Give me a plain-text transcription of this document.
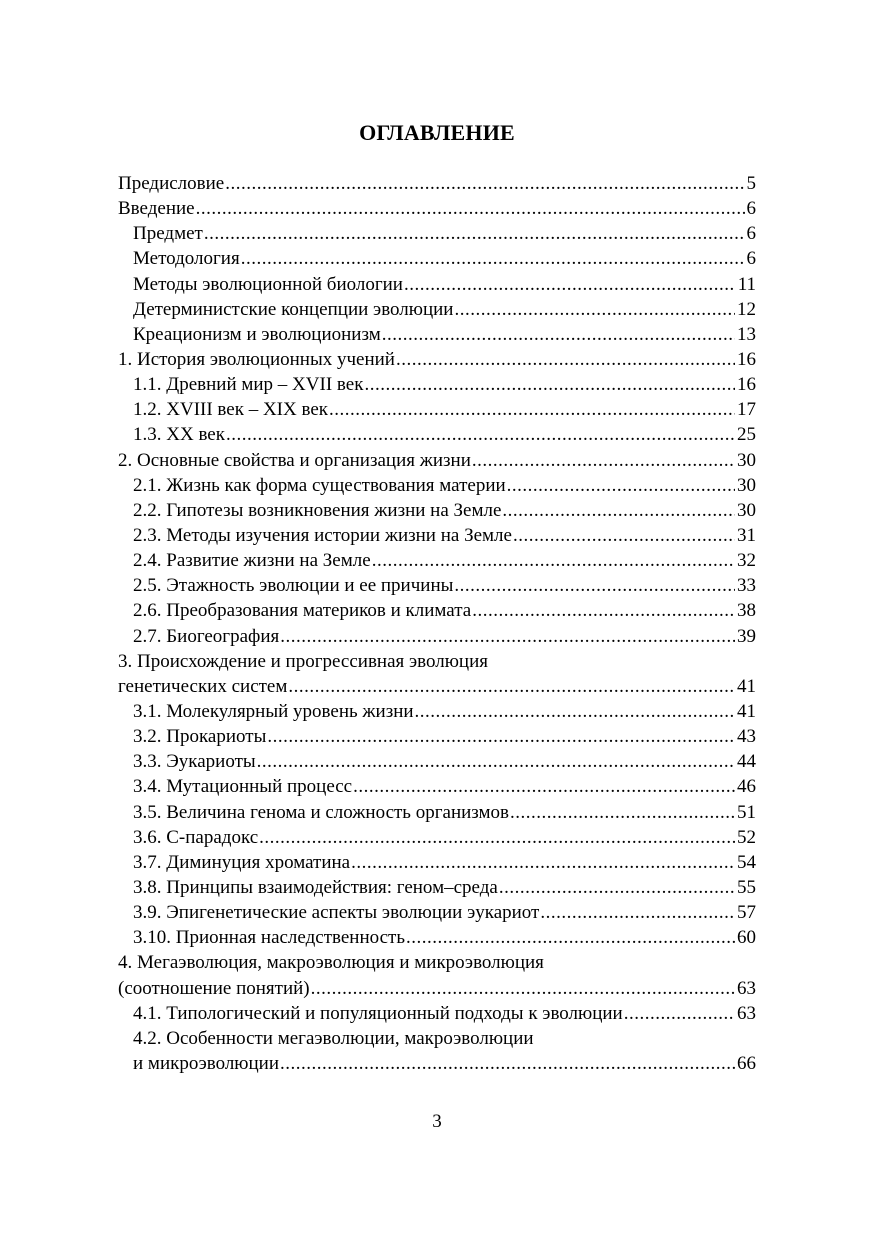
ОГЛАВЛЕНИЕ
Предисловие .....	5
Введение .....	6
Предмет .....	6
Методология .....	6
Методы эволюционной биологии .....	11
Детерминистские концепции эволюции .....	12
Креационизм и эволюционизм .....	13
1. История эволюционных учений .....	16
1.1. Древний мир – XVII век .....	16
1.2. XVIII век – XIX век .....	17
1.3. XX век .....	25
2. Основные свойства и организация жизни .....	30
2.1. Жизнь как форма существования материи .....	30
2.2. Гипотезы возникновения жизни на Земле .....	30
2.3. Методы изучения истории жизни на Земле .....	31
2.4. Развитие жизни на Земле .....	32
2.5. Этажность эволюции и ее причины .....	33
2.6. Преобразования материков и климата .....	38
2.7. Биогеография .....	39
3. Происхождение и прогрессивная эволюция
генетических систем .....	41
3.1. Молекулярный уровень жизни .....	41
3.2. Прокариоты .....	43
3.3. Эукариоты .....	44
3.4. Мутационный процесс .....	46
3.5. Величина генома и сложность организмов .....	51
3.6. С-парадокс .....	52
3.7. Диминуция хроматина .....	54
3.8. Принципы взаимодействия: геном–среда .....	55
3.9. Эпигенетические аспекты эволюции эукариот .....	57
3.10. Прионная наследственность .....	60
4. Мегаэволюция, макроэволюция и микроэволюция
(соотношение понятий) .....	63
4.1. Типологический и популяционный подходы к эволюции .....	63
4.2. Особенности мегаэволюции, макроэволюции
и микроэволюции .....	66
3
